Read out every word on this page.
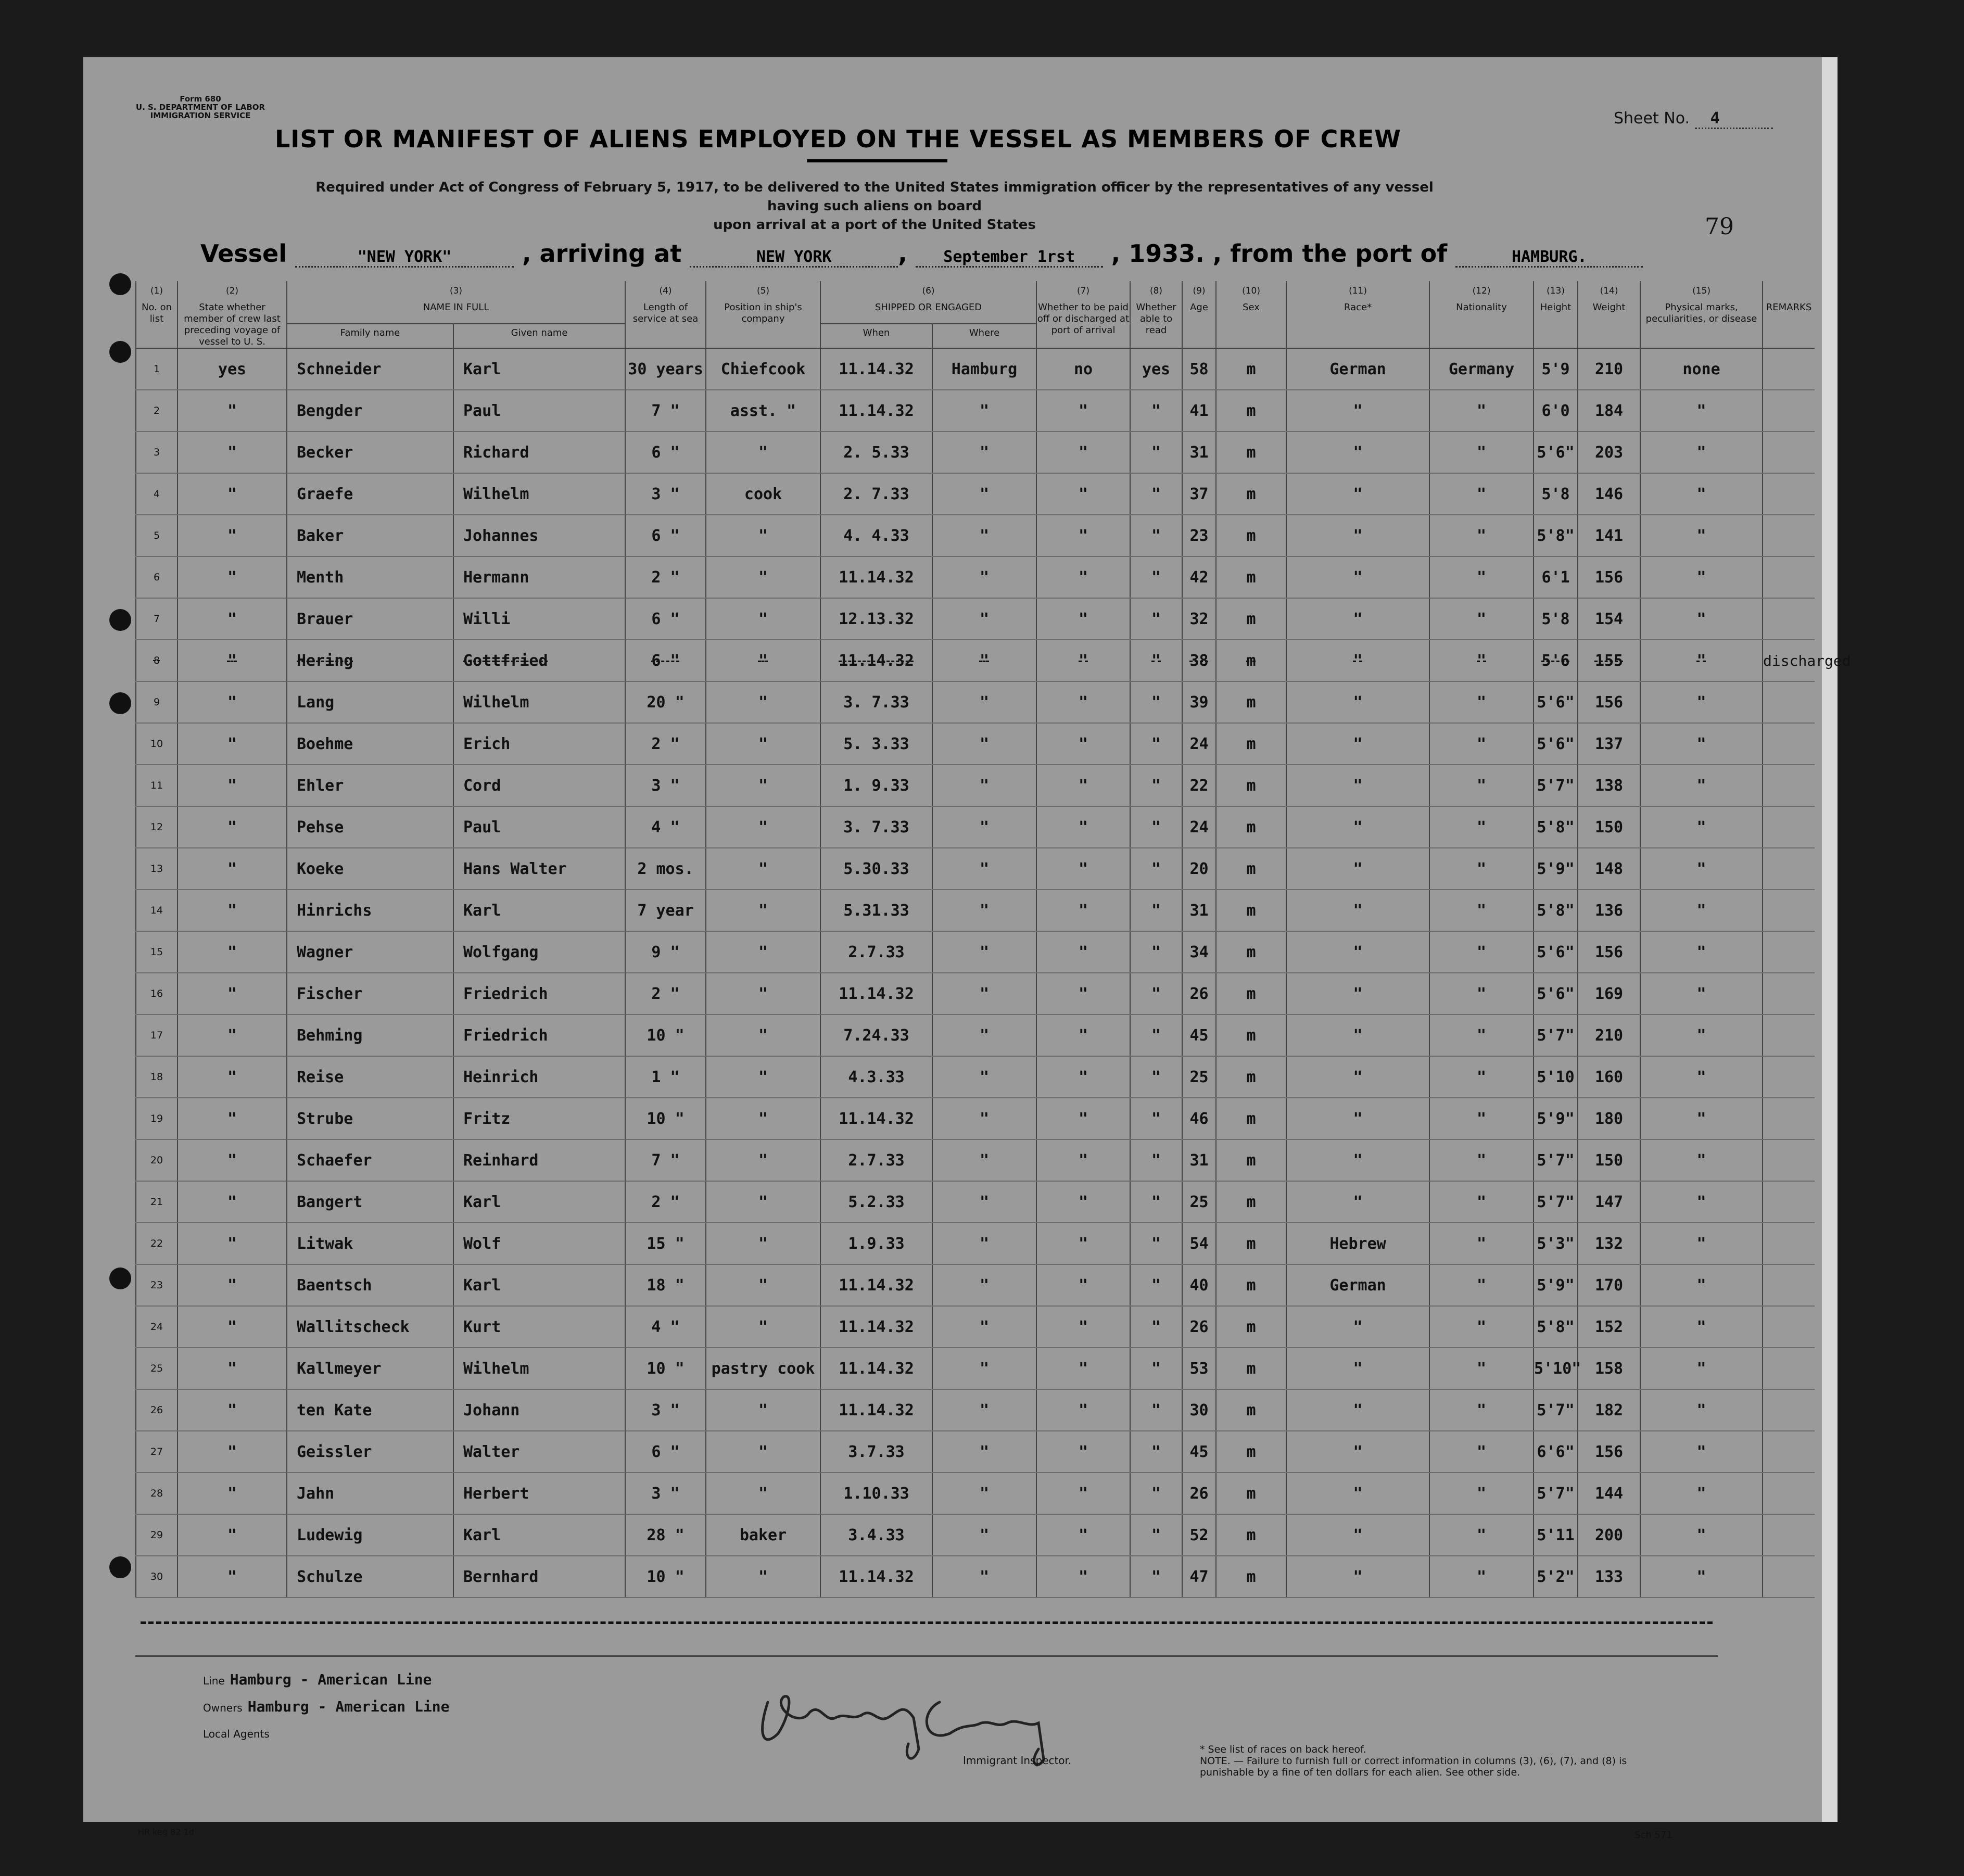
Form 680
U. S. DEPARTMENT OF LABOR
IMMIGRATION SERVICE	Sheet No. 4
LIST OR MANIFEST OF ALIENS EMPLOYED ON THE VESSEL AS MEMBERS OF CREW
Required under Act of Congress of February 5, 1917, to be delivered to the United States immigration officer by the representatives of any vessel having such aliens on board
upon arrival at a port of the United States	79
Vessel	"NEW YORK"	, arriving at	NEW YORK	, September 1rst , 1933. , from the port of	HAMBURG.
(1)
No. on list	(2)
State whether member of crew last preceding voyage of vessel to U. S.	(3)
NAME IN FULL		(4)
Length of service at sea	(5)
Position in ship's company	(6)
SHIPPED OR ENGAGED		(7)
Whether to be paid off or discharged at port of arrival	(8)
Whether able to read	(9)
Age	(10)
Sex	(11)
Race*	(12)
Nationality	(13)
Height	(14)
Weight	(15)
Physical marks, peculiarities, or disease	REMARKS
		Family name	Given name			When	Where										
1	yes	Schneider	Karl	30 years	Chiefcook	11.14.32	Hamburg	no	yes	58	m	German	Germany	5'9	210	none	
2	"	Bengder	Paul	7 "	asst. "	11.14.32	"	"	"	41	m	"	"	6'0	184	"	
3	"	Becker	Richard	6 "	"	2. 5.33	"	"	"	31	m	"	"	5'6"	203	"	
4	"	Graefe	Wilhelm	3 "	cook	2. 7.33	"	"	"	37	m	"	"	5'8	146	"	
5	"	Baker	Johannes	6 "	"	4. 4.33	"	"	"	23	m	"	"	5'8"	141	"	
6	"	Menth	Hermann	2 "	"	11.14.32	"	"	"	42	m	"	"	6'1	156	"	
7	"	Brauer	Willi	6 "	"	12.13.32	"	"	"	32	m	"	"	5'8	154	"	
8	"	Hering	Gottfried	6 "	"	11.14.32	"	"	"	38	m	"	"	5'6	155	"	discharged
9	"	Lang	Wilhelm	20 "	"	3. 7.33	"	"	"	39	m	"	"	5'6"	156	"	
10	"	Boehme	Erich	2 "	"	5. 3.33	"	"	"	24	m	"	"	5'6"	137	"	
11	"	Ehler	Cord	3 "	"	1. 9.33	"	"	"	22	m	"	"	5'7"	138	"	
12	"	Pehse	Paul	4 "	"	3. 7.33	"	"	"	24	m	"	"	5'8"	150	"	
13	"	Koeke	Hans Walter	2 mos.	"	5.30.33	"	"	"	20	m	"	"	5'9"	148	"	
14	"	Hinrichs	Karl	7 year	"	5.31.33	"	"	"	31	m	"	"	5'8"	136	"	
15	"	Wagner	Wolfgang	9 "	"	2.7.33	"	"	"	34	m	"	"	5'6"	156	"	
16	"	Fischer	Friedrich	2 "	"	11.14.32	"	"	"	26	m	"	"	5'6"	169	"	
17	"	Behming	Friedrich	10 "	"	7.24.33	"	"	"	45	m	"	"	5'7"	210	"	
18	"	Reise	Heinrich	1 "	"	4.3.33	"	"	"	25	m	"	"	5'10	160	"	
19	"	Strube	Fritz	10 "	"	11.14.32	"	"	"	46	m	"	"	5'9"	180	"	
20	"	Schaefer	Reinhard	7 "	"	2.7.33	"	"	"	31	m	"	"	5'7"	150	"	
21	"	Bangert	Karl	2 "	"	5.2.33	"	"	"	25	m	"	"	5'7"	147	"	
22	"	Litwak	Wolf	15 "	"	1.9.33	"	"	"	54	m	Hebrew	"	5'3"	132	"	
23	"	Baentsch	Karl	18 "	"	11.14.32	"	"	"	40	m	German	"	5'9"	170	"	
24	"	Wallitscheck	Kurt	4 "	"	11.14.32	"	"	"	26	m	"	"	5'8"	152	"	
25	"	Kallmeyer	Wilhelm	10 "	pastry cook	11.14.32	"	"	"	53	m	"	"	5'10"	158	"	
26	"	ten Kate	Johann	3 "	"	11.14.32	"	"	"	30	m	"	"	5'7"	182	"	
27	"	Geissler	Walter	6 "	"	3.7.33	"	"	"	45	m	"	"	6'6"	156	"	
28	"	Jahn	Herbert	3 "	"	1.10.33	"	"	"	26	m	"	"	5'7"	144	"	
29	"	Ludewig	Karl	28 "	baker	3.4.33	"	"	"	52	m	"	"	5'11	200	"	
30	"	Schulze	Bernhard	10 "	"	11.14.32	"	"	"	47	m	"	"	5'2"	133	"	
Line Hamburg - American Line
Owners Hamburg - American Line
Local Agents
Immigrant Inspector.
* See list of races on back hereof.
NOTE. — Failure to furnish full or correct information in columns (3), (6), (7), and (8) is punishable by a fine of ten dollars for each alien. See other side.
HR keg 82 1d	Sch 571
